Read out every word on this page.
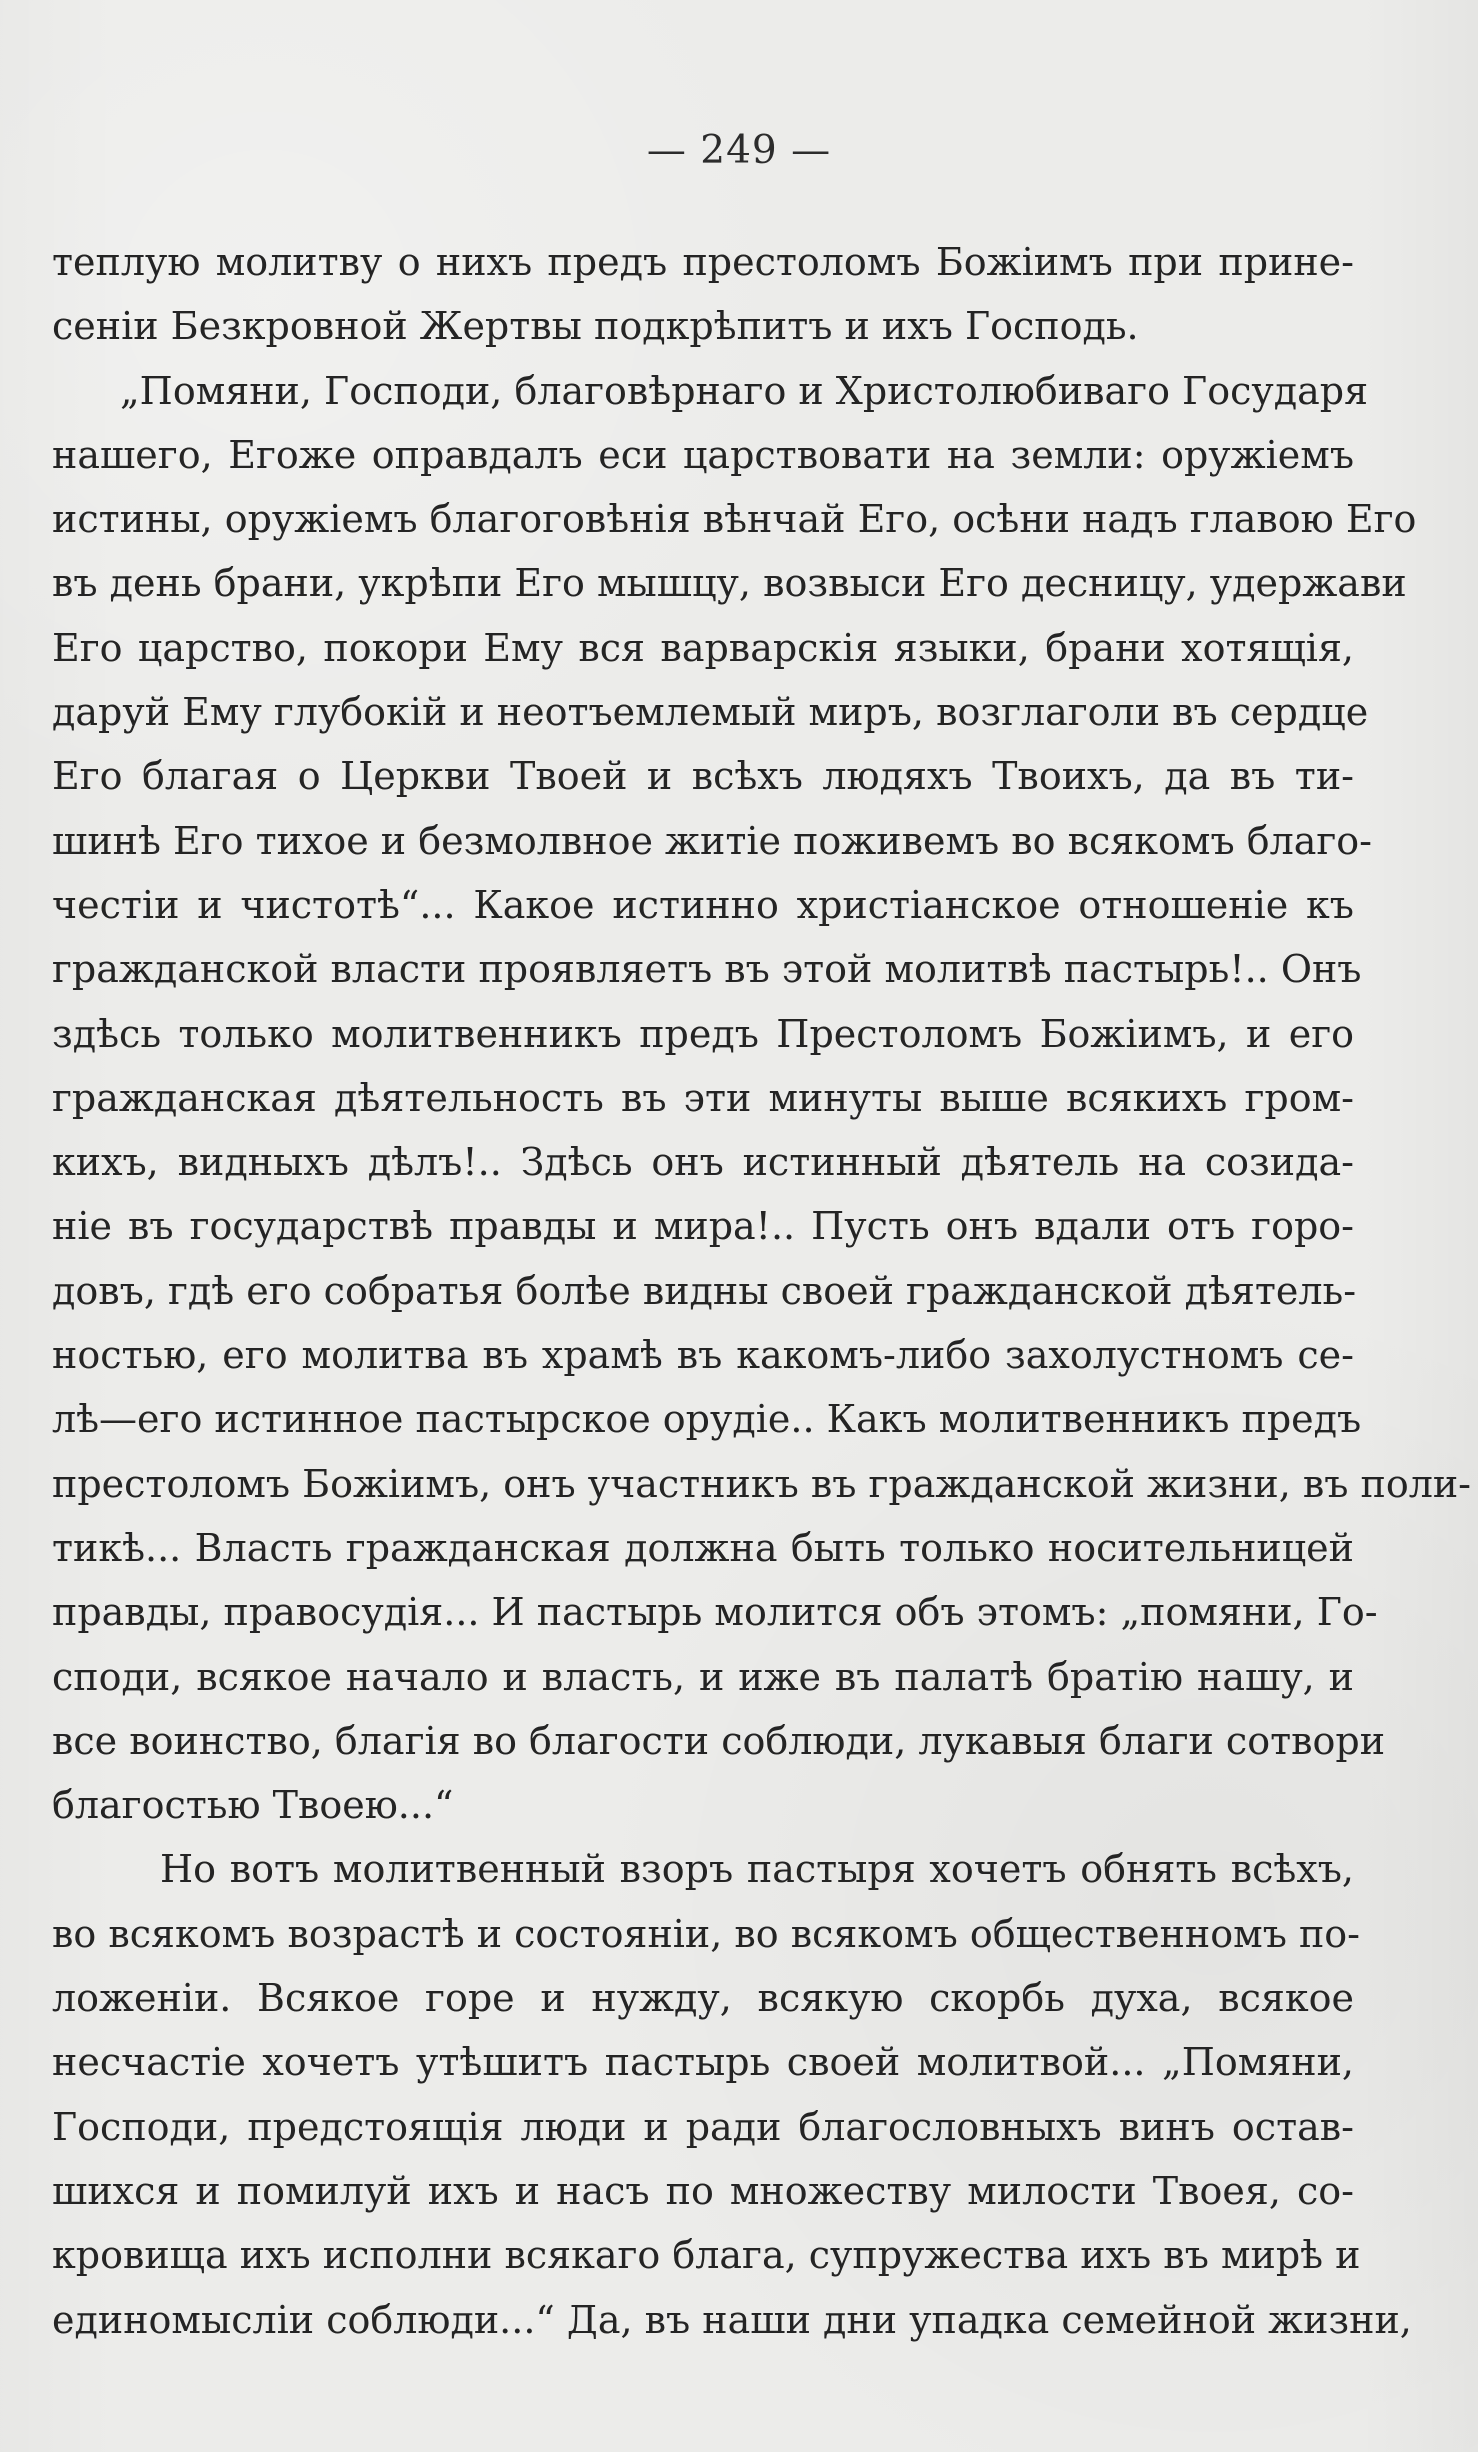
— 249 —
теплую молитву о нихъ предъ престоломъ Божіимъ при прине-
сеніи Безкровной Жертвы подкрѣпитъ и ихъ Господь.
„Помяни, Господи, благовѣрнаго и Христолюбиваго Государя
нашего, Егоже оправдалъ еси царствовати на земли: оружіемъ
истины, оружіемъ благоговѣнія вѣнчай Его, осѣни надъ главою Его
въ день брани, укрѣпи Его мышцу, возвыси Его десницу, удержави
Его царство, покори Ему вся варварскія языки, брани хотящія,
даруй Ему глубокій и неотъемлемый миръ, возглаголи въ сердце
Его благая о Церкви Твоей и всѣхъ людяхъ Твоихъ, да въ ти-
шинѣ Его тихое и безмолвное житіе поживемъ во всякомъ благо-
честіи и чистотѣ“... Какое истинно христіанское отношеніе къ
гражданской власти проявляетъ въ этой молитвѣ пастырь!.. Онъ
здѣсь только молитвенникъ предъ Престоломъ Божіимъ, и его
гражданская дѣятельность въ эти минуты выше всякихъ гром-
кихъ, видныхъ дѣлъ!.. Здѣсь онъ истинный дѣятель на созида-
ніе въ государствѣ правды и мира!.. Пусть онъ вдали отъ горо-
довъ, гдѣ его собратья болѣе видны своей гражданской дѣятель-
ностью, его молитва въ храмѣ въ какомъ-либо захолустномъ се-
лѣ—его истинное пастырское орудіе.. Какъ молитвенникъ предъ
престоломъ Божіимъ, онъ участникъ въ гражданской жизни, въ поли-
тикѣ... Власть гражданская должна быть только носительницей
правды, правосудія... И пастырь молится объ этомъ: „помяни, Го-
споди, всякое начало и власть, и иже въ палатѣ братію нашу, и
все воинство, благія во благости соблюди, лукавыя благи сотвори
благостью Твоею...“
Но вотъ молитвенный взоръ пастыря хочетъ обнять всѣхъ,
во всякомъ возрастѣ и состояніи, во всякомъ общественномъ по-
ложеніи. Всякое горе и нужду, всякую скорбь духа, всякое
несчастіе хочетъ утѣшитъ пастырь своей молитвой... „Помяни,
Господи, предстоящія люди и ради благословныхъ винъ остав-
шихся и помилуй ихъ и насъ по множеству милости Твоея, со-
кровища ихъ исполни всякаго блага, супружества ихъ въ мирѣ и
единомысліи соблюди...“ Да, въ наши дни упадка семейной жизни,
